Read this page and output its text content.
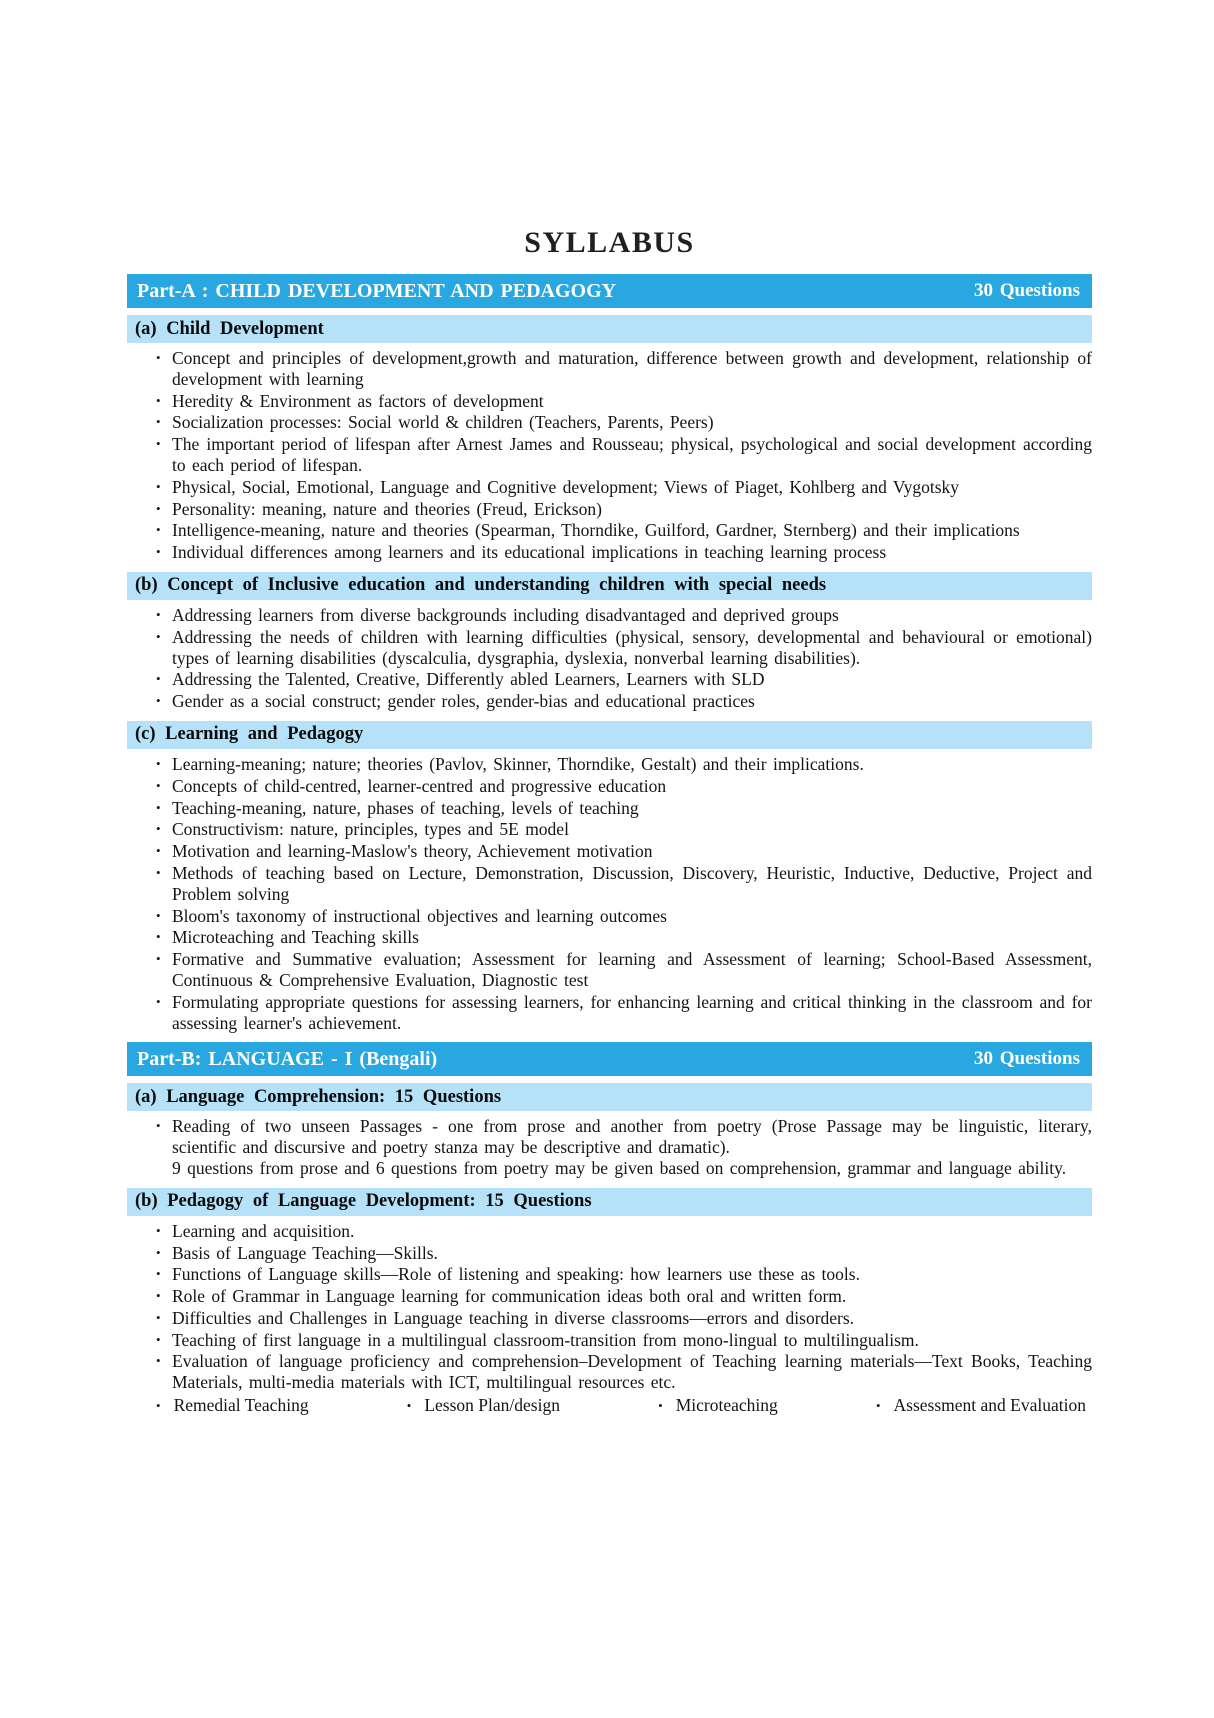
SYLLABUS
Part-A : CHILD DEVELOPMENT AND PEDAGOGY	30 Questions
(a) Child Development
• Concept and principles of development,growth and maturation, difference between growth and development, relationship of development with learning
• Heredity & Environment as factors of development
• Socialization processes: Social world & children (Teachers, Parents, Peers)
• The important period of lifespan after Arnest James and Rousseau; physical, psychological and social development according to each period of lifespan.
• Physical, Social, Emotional, Language and Cognitive development; Views of Piaget, Kohlberg and Vygotsky
• Personality: meaning, nature and theories (Freud, Erickson)
• Intelligence-meaning, nature and theories (Spearman, Thorndike, Guilford, Gardner, Sternberg) and their implications
• Individual differences among learners and its educational implications in teaching learning process
(b) Concept of Inclusive education and understanding children with special needs
• Addressing learners from diverse backgrounds including disadvantaged and deprived groups
• Addressing the needs of children with learning difficulties (physical, sensory, developmental and behavioural or emotional) types of learning disabilities (dyscalculia, dysgraphia, dyslexia, nonverbal learning disabilities).
• Addressing the Talented, Creative, Differently abled Learners, Learners with SLD
• Gender as a social construct; gender roles, gender-bias and educational practices
(c) Learning and Pedagogy
• Learning-meaning; nature; theories (Pavlov, Skinner, Thorndike, Gestalt) and their implications.
• Concepts of child-centred, learner-centred and progressive education
• Teaching-meaning, nature, phases of teaching, levels of teaching
• Constructivism: nature, principles, types and 5E model
• Motivation and learning-Maslow's theory, Achievement motivation
• Methods of teaching based on Lecture, Demonstration, Discussion, Discovery, Heuristic, Inductive, Deductive, Project and Problem solving
• Bloom's taxonomy of instructional objectives and learning outcomes
• Microteaching and Teaching skills
• Formative and Summative evaluation; Assessment for learning and Assessment of learning; School-Based Assessment, Continuous & Comprehensive Evaluation, Diagnostic test
• Formulating appropriate questions for assessing learners, for enhancing learning and critical thinking in the classroom and for assessing learner's achievement.
Part-B: LANGUAGE - I (Bengali)	30 Questions
(a) Language Comprehension: 15 Questions
• Reading of two unseen Passages - one from prose and another from poetry (Prose Passage may be linguistic, literary, scientific and discursive and poetry stanza may be descriptive and dramatic).
9 questions from prose and 6 questions from poetry may be given based on comprehension, grammar and language ability.
(b) Pedagogy of Language Development: 15 Questions
• Learning and acquisition.
• Basis of Language Teaching—Skills.
• Functions of Language skills—Role of listening and speaking: how learners use these as tools.
• Role of Grammar in Language learning for communication ideas both oral and written form.
• Difficulties and Challenges in Language teaching in diverse classrooms—errors and disorders.
• Teaching of first language in a multilingual classroom-transition from mono-lingual to multilingualism.
• Evaluation of language proficiency and comprehension–Development of Teaching learning materials—Text Books, Teaching Materials, multi-media materials with ICT, multilingual resources etc.
• Remedial Teaching	• Lesson Plan/design	• Microteaching	• Assessment and Evaluation
